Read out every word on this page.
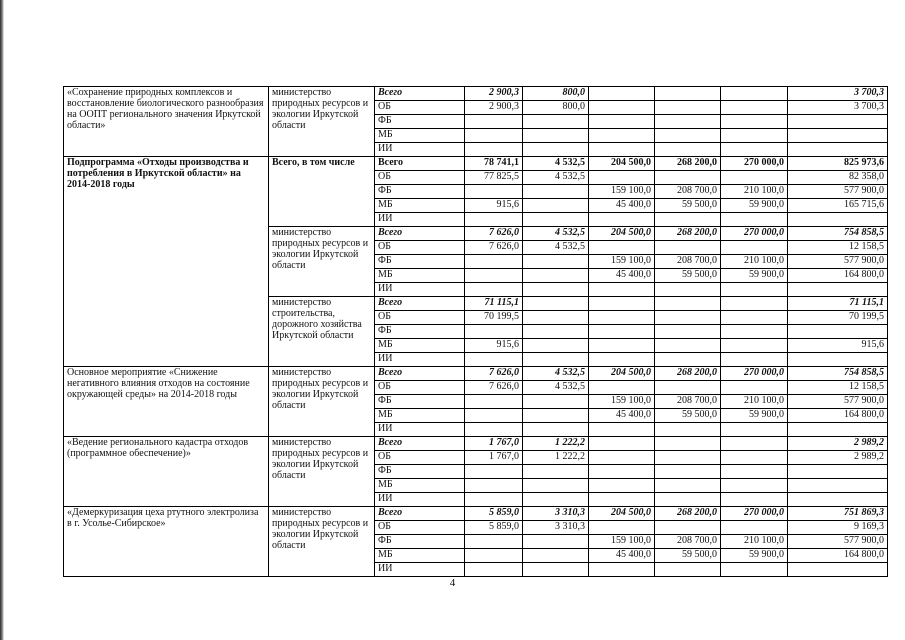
«Сохранение природных комплексов и восстановление биологического разнообразия на ООПТ регионального значения Иркутской области»	министерство природных ресурсов и экологии Иркутской области	Всего	2 900,3	800,0				3 700,3
		ОБ	2 900,3	800,0				3 700,3
		ФБ						
		МБ						
		ИИ						
Подпрограмма «Отходы производства и потребления в Иркутской области» на 2014-2018 годы	Всего, в том числе	Всего	78 741,1	4 532,5	204 500,0	268 200,0	270 000,0	825 973,6
		ОБ	77 825,5	4 532,5				82 358,0
		ФБ			159 100,0	208 700,0	210 100,0	577 900,0
		МБ	915,6		45 400,0	59 500,0	59 900,0	165 715,6
		ИИ						
	министерство природных ресурсов и экологии Иркутской области	Всего	7 626,0	4 532,5	204 500,0	268 200,0	270 000,0	754 858,5
		ОБ	7 626,0	4 532,5				12 158,5
		ФБ			159 100,0	208 700,0	210 100,0	577 900,0
		МБ			45 400,0	59 500,0	59 900,0	164 800,0
		ИИ						
	министерство строительства, дорожного хозяйства Иркутской области	Всего	71 115,1					71 115,1
		ОБ	70 199,5					70 199,5
		ФБ						
		МБ	915,6					915,6
		ИИ						
Основное мероприятие «Снижение негативного влияния отходов на состояние окружающей среды» на 2014-2018 годы	министерство природных ресурсов и экологии Иркутской области	Всего	7 626,0	4 532,5	204 500,0	268 200,0	270 000,0	754 858,5
		ОБ	7 626,0	4 532,5				12 158,5
		ФБ			159 100,0	208 700,0	210 100,0	577 900,0
		МБ			45 400,0	59 500,0	59 900,0	164 800,0
		ИИ						
«Ведение регионального кадастра отходов (программное обеспечение)»	министерство природных ресурсов и экологии Иркутской области	Всего	1 767,0	1 222,2				2 989,2
		ОБ	1 767,0	1 222,2				2 989,2
		ФБ						
		МБ						
		ИИ						
«Демеркуризация цеха ртутного электролиза в г. Усолье-Сибирское»	министерство природных ресурсов и экологии Иркутской области	Всего	5 859,0	3 310,3	204 500,0	268 200,0	270 000,0	751 869,3
		ОБ	5 859,0	3 310,3				9 169,3
		ФБ			159 100,0	208 700,0	210 100,0	577 900,0
		МБ			45 400,0	59 500,0	59 900,0	164 800,0
		ИИ						
4
